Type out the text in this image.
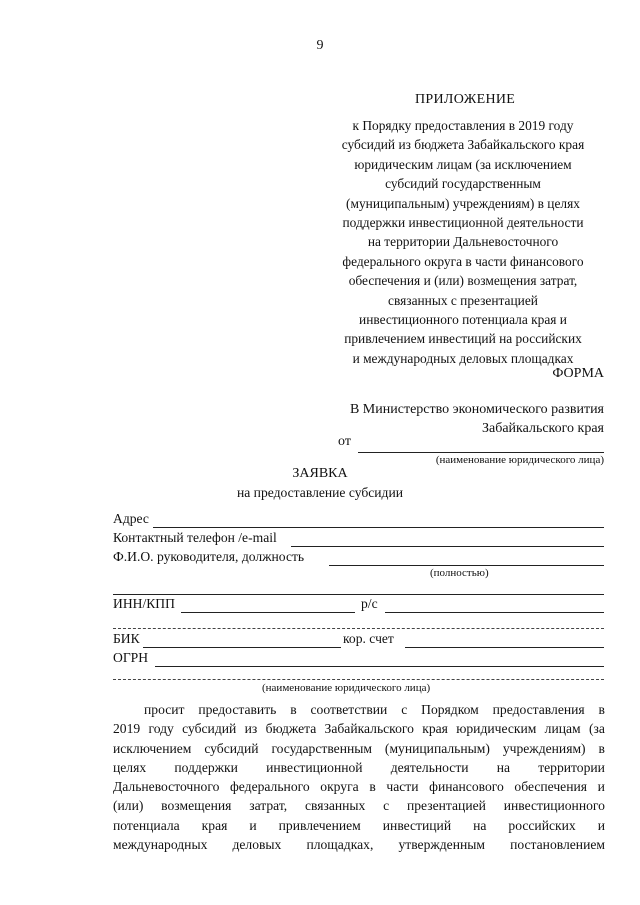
9
ПРИЛОЖЕНИЕ
к Порядку предоставления в 2019 году
субсидий из бюджета Забайкальского края
юридическим лицам (за исключением
субсидий государственным
(муниципальным) учреждениям) в целях
поддержки инвестиционной деятельности
на территории Дальневосточного
федерального округа в части финансового
обеспечения и (или) возмещения затрат,
связанных с презентацией
инвестиционного потенциала края и
привлечением инвестиций на российских
и международных деловых площадках
ФОРМА
В Министерство экономического развития
Забайкальского края
от
(наименование юридического лица)
ЗАЯВКА
на предоставление субсидии
Адрес
Контактный телефон /e-mail
Ф.И.О. руководителя, должность
(полностью)
ИНН/КПП	р/с
БИК	кор. счет
ОГРН
(наименование юридического лица)
просит предоставить в соответствии с Порядком предоставления в
2019 году субсидий из бюджета Забайкальского края юридическим лицам (за
исключением субсидий государственным (муниципальным) учреждениям) в
целях поддержки инвестиционной деятельности на территории
Дальневосточного федерального округа в части финансового обеспечения и
(или) возмещения затрат, связанных с презентацией инвестиционного
потенциала края и привлечением инвестиций на российских и
международных деловых площадках, утвержденным постановлением
